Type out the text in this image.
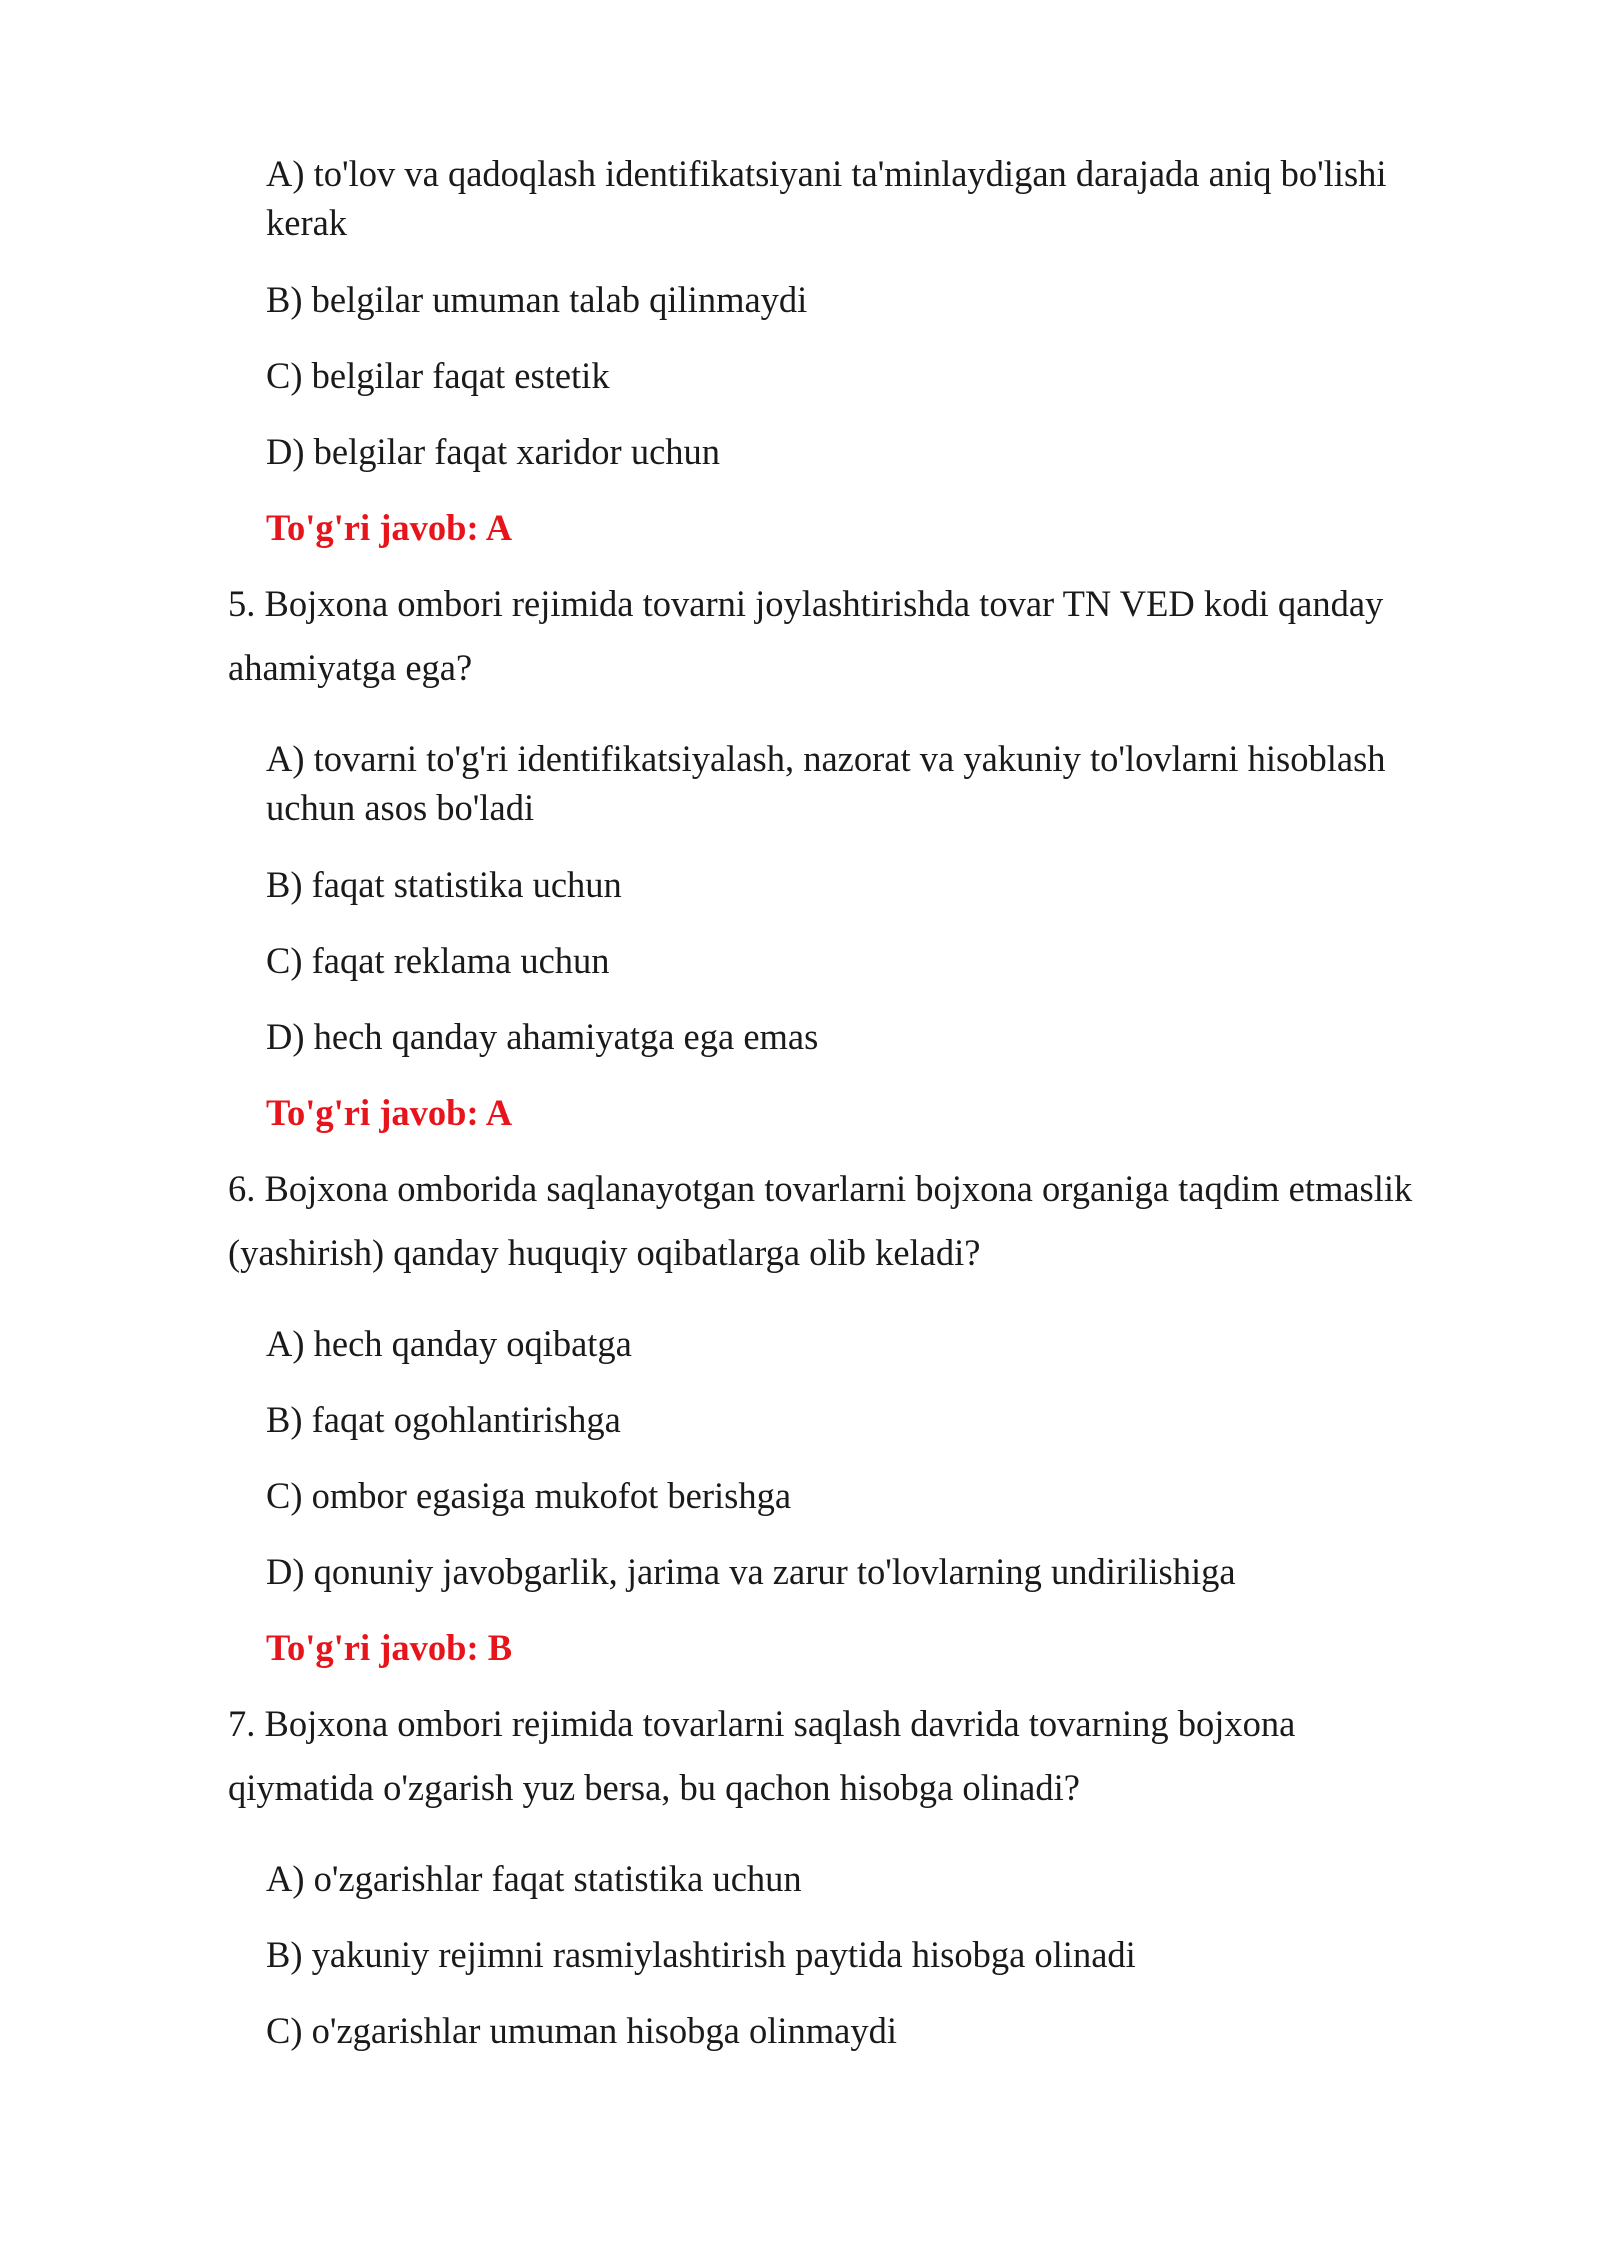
A) to'lov va qadoqlash identifikatsiyani ta'minlaydigan darajada aniq bo'lishi

kerak

B) belgilar umuman talab qilinmaydi

C) belgilar faqat estetik

D) belgilar faqat xaridor uchun

To'g'ri javob: A

5. Bojxona ombori rejimida tovarni joylashtirishda tovar TN VED kodi qanday

ahamiyatga ega?

A) tovarni to'g'ri identifikatsiyalash, nazorat va yakuniy to'lovlarni hisoblash

uchun asos bo'ladi

B) faqat statistika uchun

C) faqat reklama uchun

D) hech qanday ahamiyatga ega emas

To'g'ri javob: A

6. Bojxona omborida saqlanayotgan tovarlarni bojxona organiga taqdim etmaslik

(yashirish) qanday huquqiy oqibatlarga olib keladi?

A) hech qanday oqibatga

B) faqat ogohlantirishga

C) ombor egasiga mukofot berishga

D) qonuniy javobgarlik, jarima va zarur to'lovlarning undirilishiga

To'g'ri javob: B

7. Bojxona ombori rejimida tovarlarni saqlash davrida tovarning bojxona

qiymatida o'zgarish yuz bersa, bu qachon hisobga olinadi?

A) o'zgarishlar faqat statistika uchun

B) yakuniy rejimni rasmiylashtirish paytida hisobga olinadi

C) o'zgarishlar umuman hisobga olinmaydi
